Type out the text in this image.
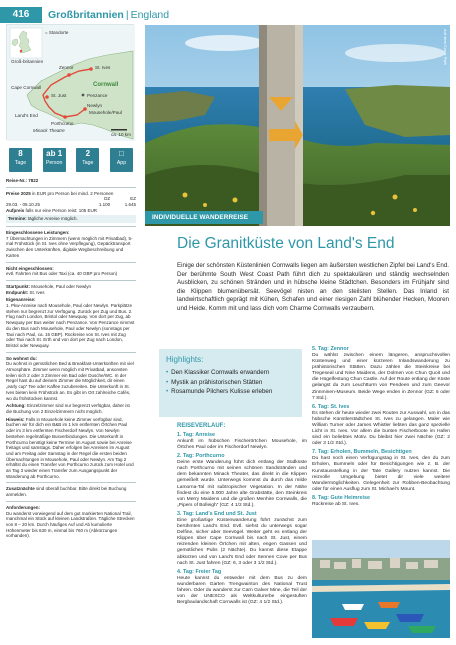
416	Großbritannien | England
= Standorte
Groß-britannien
Zennor	St. Ives
Cornwall
Cape Cornwall
St. Just	Penzance
Newlyn
Mousehole/Paul
Land's End
Porthcurno
Minack Theatre
ca. 10 km
8
Tage
ab 1
Person
2
Tage
□
App
Reise-Nr.: 7822
Preise 2025 in EUR pro Person bei mind. 2 Personen
	DZ	EZ
29.03. - 05.10.25	1.100	1.645
Aufpreis falls nur eine Person reist: 105 EUR
Termine: tägliche Anreise möglich.
Eingeschlossene Leistungen:
7 Übernachtungen in Zimmern (wenn möglich mit Privatbad), 5-mal Frühstück (in St. Ives ohne Verpflegung), Gepäcktransport zwischen den Unterkünften, digitale Wegbeschreibung und Karten
Nicht eingeschlossen:
evtl. Fahrten mit Bus oder Taxi (ca. 40 GBP pro Person)
Startpunkt: Mousehole, Paul oder Newlyn
Endpunkt: St. Ives
Eigenanreise:
1. Pkw-Anreise nach Mousehole, Paul oder Newlyn. Parkplätze stehen nur begrenzt zur Verfügung. Zurück per Zug und Bus. 2. Flug nach London, Bristol oder Newquay. Von dort per Zug, ab Newquay per Bus weiter nach Penzance. Von Penzance nimmst du den Bus nach Mousehole, Paul oder Newlyn (sonntags per Taxi nach Paul, ca. 15 GBP). Rückreise von St. Ives mit Zug oder Taxi nach St. Erth und von dort per Zug nach London, Bristol oder Newquay.
So wohnst du:
Du wohnst in gemütlichen Bed & Breakfast-Unterkünften mit viel Atmosphäre. Zimmer wenn möglich mit Privatbad, ansonsten teilen sich 2 oder 3 Zimmer ein Bad oder Dusche/WC. In der Regel hast du auf deinem Zimmer die Möglichkeit, dir einen „early cup“ Tee oder Kaffee zuzubereiten. Die Unterkunft in St. Ives bieten kein Frühstück an. Es gibt im Ort zahlreiche Cafés, wo du frühstücken kannst.
Achtung: Einzelzimmer sind nur begrenzt verfügbar, daher ist die Buchung von 2 Einzelzimmern nicht möglich.
Hinweis: Falls in Mousehole keine Zimmer verfügbar sind, buchen wir für dich ein B&B im 1 km entfernten Örtchen Paul oder im 3 km entfernten Fischerdorf Newlyn. Von Newlyn bestehen regelmäßige Busverbindungen. Die Unterkunft in Porthcurno benötigt keine Termine im August sowie bei Anreise freitags und samstags. Daher erfolgen bei Anreisen im August und am Freitag oder Samstag in der Regel die ersten beiden Übernachtungen in Mousehole, Paul oder Newlyn. Am Tag 2 erhältst du einen Transfer von Porthcurno zurück zum Hotel und an Tag 3 wieder einen Transfer zum Ausgangspunkt der Wanderung ab Porthcurno.
Zusatznächte sind überall buchbar. Bitte direkt bei Buchung anmelden.
Anforderungen:
Du wanderst vorwiegend auf dem gut markierten National Trail, manchmal ein Stück auf kleinen Landstraßen. Tägliche Strecken von 8 – 20 km. Durch häufiges Auf und Ab kumulierte Höhenmeter bis 630 m, einmal bis 760 m (Abkürzungen vorhanden).
Auf dem Coast Path
INDIVIDUELLE WANDERREISE
Die Granitküste von Land's End
Einige der schönsten Küstenlinien Cornwalls liegen am äußersten westlichen Zipfel bei Land's End. Der berühmte South West Coast Path führt dich zu spektakulären und ständig wechselnden Ausblicken, zu schönen Stränden und in hübsche kleine Städtchen. Besonders im Frühjahr sind die Klippen blumenübersät. Seevögel nisten an den steilsten Stellen. Das Inland ist landwirtschaftlich geprägt mit Kühen, Schafen und einer riesigen Zahl blühender Hecken, Mooren und Heide. Komm mit und lass dich vom Charme Cornwalls verzaubern.
Highlights:
• Den Klassiker Cornwalls erwandern
• Mystik an prähistorischen Stätten
• Rosamunde Pilchers Kulisse erleben
REISEVERLAUF:
1. Tag: Anreise
Ankunft im hübschen Fischerörtchen Mousehole, im Örtchen Paul oder im Fischerdorf Newlyn.
2. Tag: Porthcurno
Deine erste Wanderung führt dich entlang der Südküste nach Porthcurno mit seinen schönen Sandstränden und dem bekannten Minack Theater, das direkt in die Klippen gemeißelt wurde. Unterwegs kommst du durch das milde Lamorna-Tal mit subtropischer Vegetation. In der Nähe findest du eine 5.000 Jahre alte Grabstätte, den Steinkreis von Merry Maidens und die großen Menhire Cornwalls, die „Pipers of Bolleigh“ (GZ: 4 1/2 Std.).
3. Tag: Land's End und St. Just
Eine großartige Küstenwanderung führt zunächst zum berühmten Land's End. Evtl. siehst du unterwegs sogar Delfine, sicher aber Seevögel. Weiter geht es entlang der Klippen über Cape Cornwall bis nach St. Just, einem reizenden kleinen Örtchen mit alten, engen Gassen und gemütlichen Pubs (2 Nächte). Du kannst diese Etappe abkürzen und von Land's End oder Sennen Cove per Bus nach St. Just fahren (GZ: 6, 3 oder 3 1/2 Std.).
4. Tag: Freier Tag
Heute kannst du entweder mit dem Bus zu dem wunderbaren Garten Trengwainton des National Trust fahren. Oder du wanderst zur Carn Galver Mine, die Teil der von der UNESCO als Weltkulturerbe eingestuften Bergbaulandschaft Cornwalls ist (GZ: 4 1/2 Std.).
5. Tag: Zennor
Du wählst zwischen einem längeren, anspruchsvollen Küstenweg und einer kürzeren Inlandswanderung zu prähistorischen Stätten. Dazu zählen die Steinkreise bei Tregeseal und Nine Maidens, der Dolmen von Chun Quoit und die Hügelfestung Chun Castle. Auf der Route entlang der Küste gelangst du zum Leuchtturm von Pendeen und zum Geevor Zinnminen-Museum. Beide Wege enden in Zennor (GZ: 6 oder 7 Std.).
6. Tag: St. Ives
Es stehen dir heute wieder zwei Routen zur Auswahl, um in das hübsche Künstlerstädtchen St. Ives zu gelangen. Maler wie William Turner oder James Whistler liebten das ganz spezielle Licht in St. Ives. Vor allem die bunten Fischerboote im Hafen sind ein beliebtes Motiv. Du bleibst hier zwei Nächte (GZ: 2 oder 3 1/2 Std.).
7. Tag: Erholen, Bummeln, Besichtigen
Du hast noch einen Verfügungstag in St. Ives, den du zum Erholen, Bummeln oder für Besichtigungen wie z. B. der Kunstausstellung in der Tate Gallery nutzen kannst. Die reizvolle Umgebung bietet dir viele weitere Wandermöglichkeiten. Gelegenheit zur Robben-Beobachtung oder für einen Ausflug zum St. Michael's Mount.
8. Tag: Gute Heimreise
Rückreise ab St. Ives.
